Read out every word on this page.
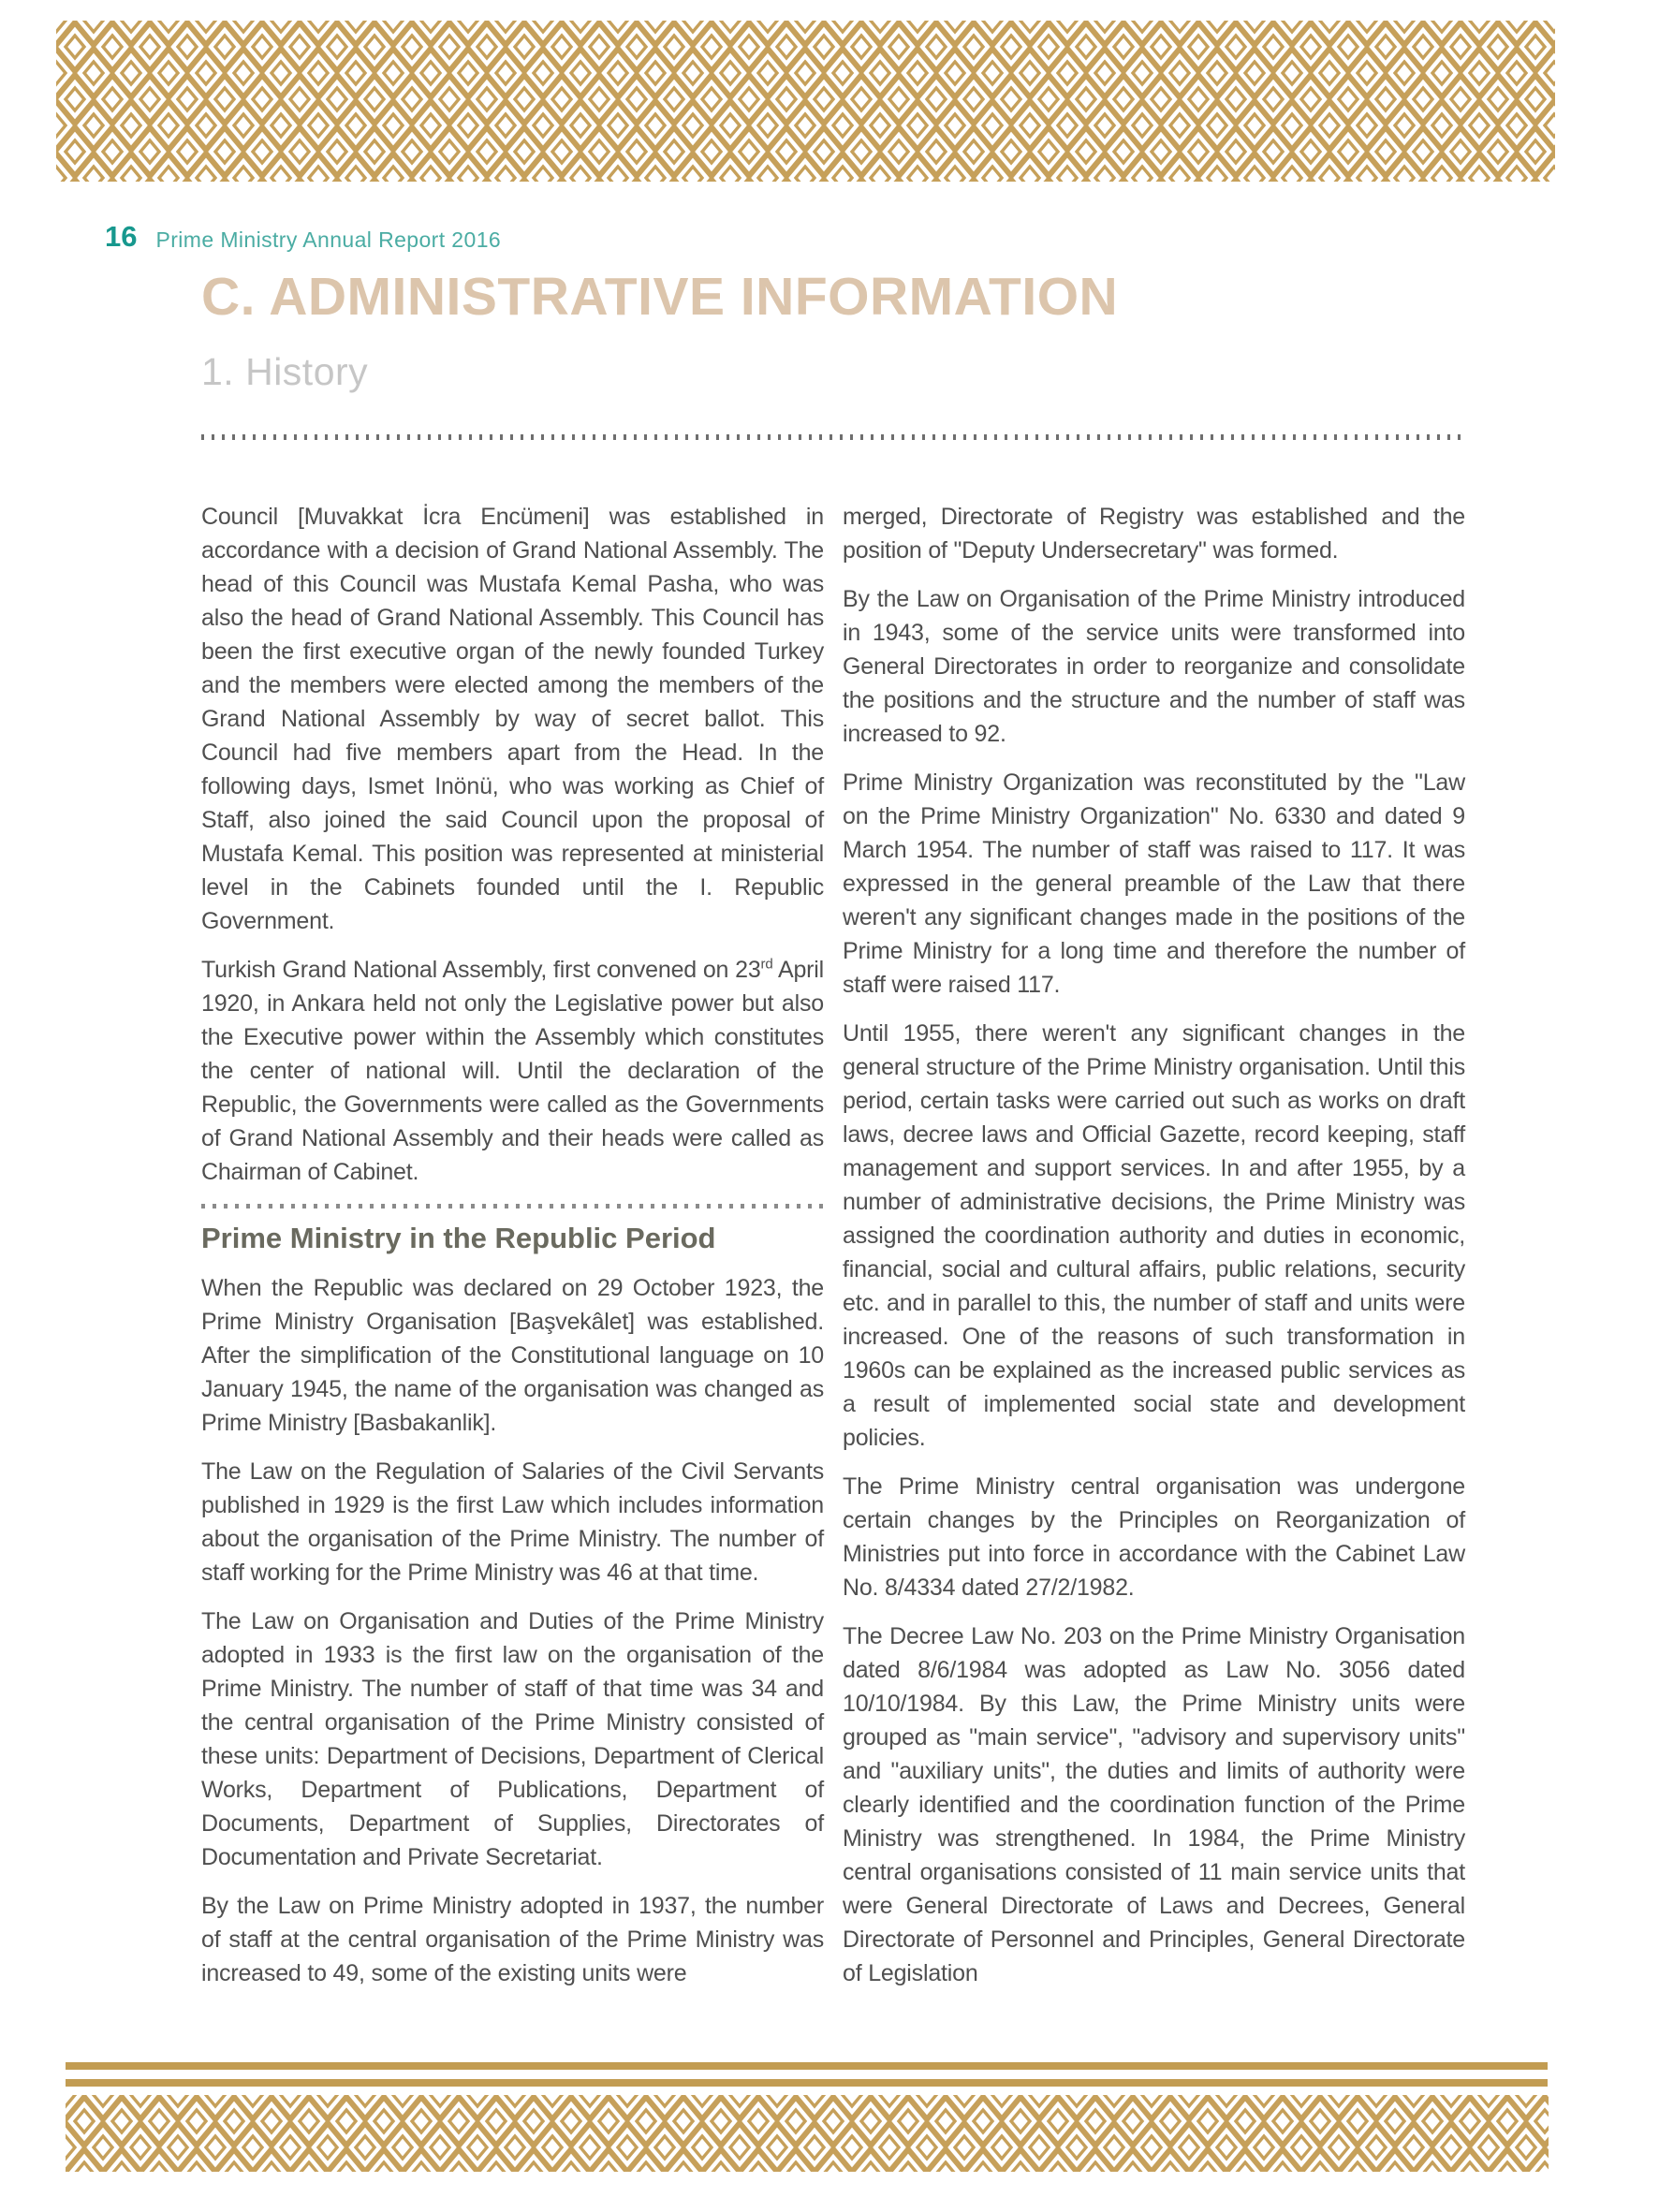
16 Prime Ministry Annual Report 2016
C. ADMINISTRATIVE INFORMATION
1. History

Council [Muvakkat İcra Encümeni] was established in accordance with a decision of Grand National Assembly. The head of this Council was Mustafa Kemal Pasha, who was also the head of Grand National Assembly. This Council has been the first executive organ of the newly founded Turkey and the members were elected among the members of the Grand National Assembly by way of secret ballot. This Council had five members apart from the Head. In the following days, Ismet Inönü, who was working as Chief of Staff, also joined the said Council upon the proposal of Mustafa Kemal. This position was represented at ministerial level in the Cabinets founded until the I. Republic Government.

Turkish Grand National Assembly, first convened on 23rd April 1920, in Ankara held not only the Legislative power but also the Executive power within the Assembly which constitutes the center of national will. Until the declaration of the Republic, the Governments were called as the Governments of Grand National Assembly and their heads were called as Chairman of Cabinet.

Prime Ministry in the Republic Period

When the Republic was declared on 29 October 1923, the Prime Ministry Organisation [Başvekâlet] was established. After the simplification of the Constitutional language on 10 January 1945, the name of the organisation was changed as Prime Ministry [Basbakanlik].

The Law on the Regulation of Salaries of the Civil Servants published in 1929 is the first Law which includes information about the organisation of the Prime Ministry. The number of staff working for the Prime Ministry was 46 at that time.

The Law on Organisation and Duties of the Prime Ministry adopted in 1933 is the first law on the organisation of the Prime Ministry. The number of staff of that time was 34 and the central organisation of the Prime Ministry consisted of these units: Department of Decisions, Department of Clerical Works, Department of Publications, Department of Documents, Department of Supplies, Directorates of Documentation and Private Secretariat.

By the Law on Prime Ministry adopted in 1937, the number of staff at the central organisation of the Prime Ministry was increased to 49, some of the existing units were

merged, Directorate of Registry was established and the position of "Deputy Undersecretary" was formed.

By the Law on Organisation of the Prime Ministry introduced in 1943, some of the service units were transformed into General Directorates in order to reorganize and consolidate the positions and the structure and the number of staff was increased to 92.

Prime Ministry Organization was reconstituted by the "Law on the Prime Ministry Organization" No. 6330 and dated 9 March 1954. The number of staff was raised to 117. It was expressed in the general preamble of the Law that there weren't any significant changes made in the positions of the Prime Ministry for a long time and therefore the number of staff were raised 117.

Until 1955, there weren't any significant changes in the general structure of the Prime Ministry organisation. Until this period, certain tasks were carried out such as works on draft laws, decree laws and Official Gazette, record keeping, staff management and support services. In and after 1955, by a number of administrative decisions, the Prime Ministry was assigned the coordination authority and duties in economic, financial, social and cultural affairs, public relations, security etc. and in parallel to this, the number of staff and units were increased. One of the reasons of such transformation in 1960s can be explained as the increased public services as a result of implemented social state and development policies.

The Prime Ministry central organisation was undergone certain changes by the Principles on Reorganization of Ministries put into force in accordance with the Cabinet Law No. 8/4334 dated 27/2/1982.

The Decree Law No. 203 on the Prime Ministry Organisation dated 8/6/1984 was adopted as Law No. 3056 dated 10/10/1984. By this Law, the Prime Ministry units were grouped as "main service", "advisory and supervisory units" and "auxiliary units", the duties and limits of authority were clearly identified and the coordination function of the Prime Ministry was strengthened. In 1984, the Prime Ministry central organisations consisted of 11 main service units that were General Directorate of Laws and Decrees, General Directorate of Personnel and Principles, General Directorate of Legislation
